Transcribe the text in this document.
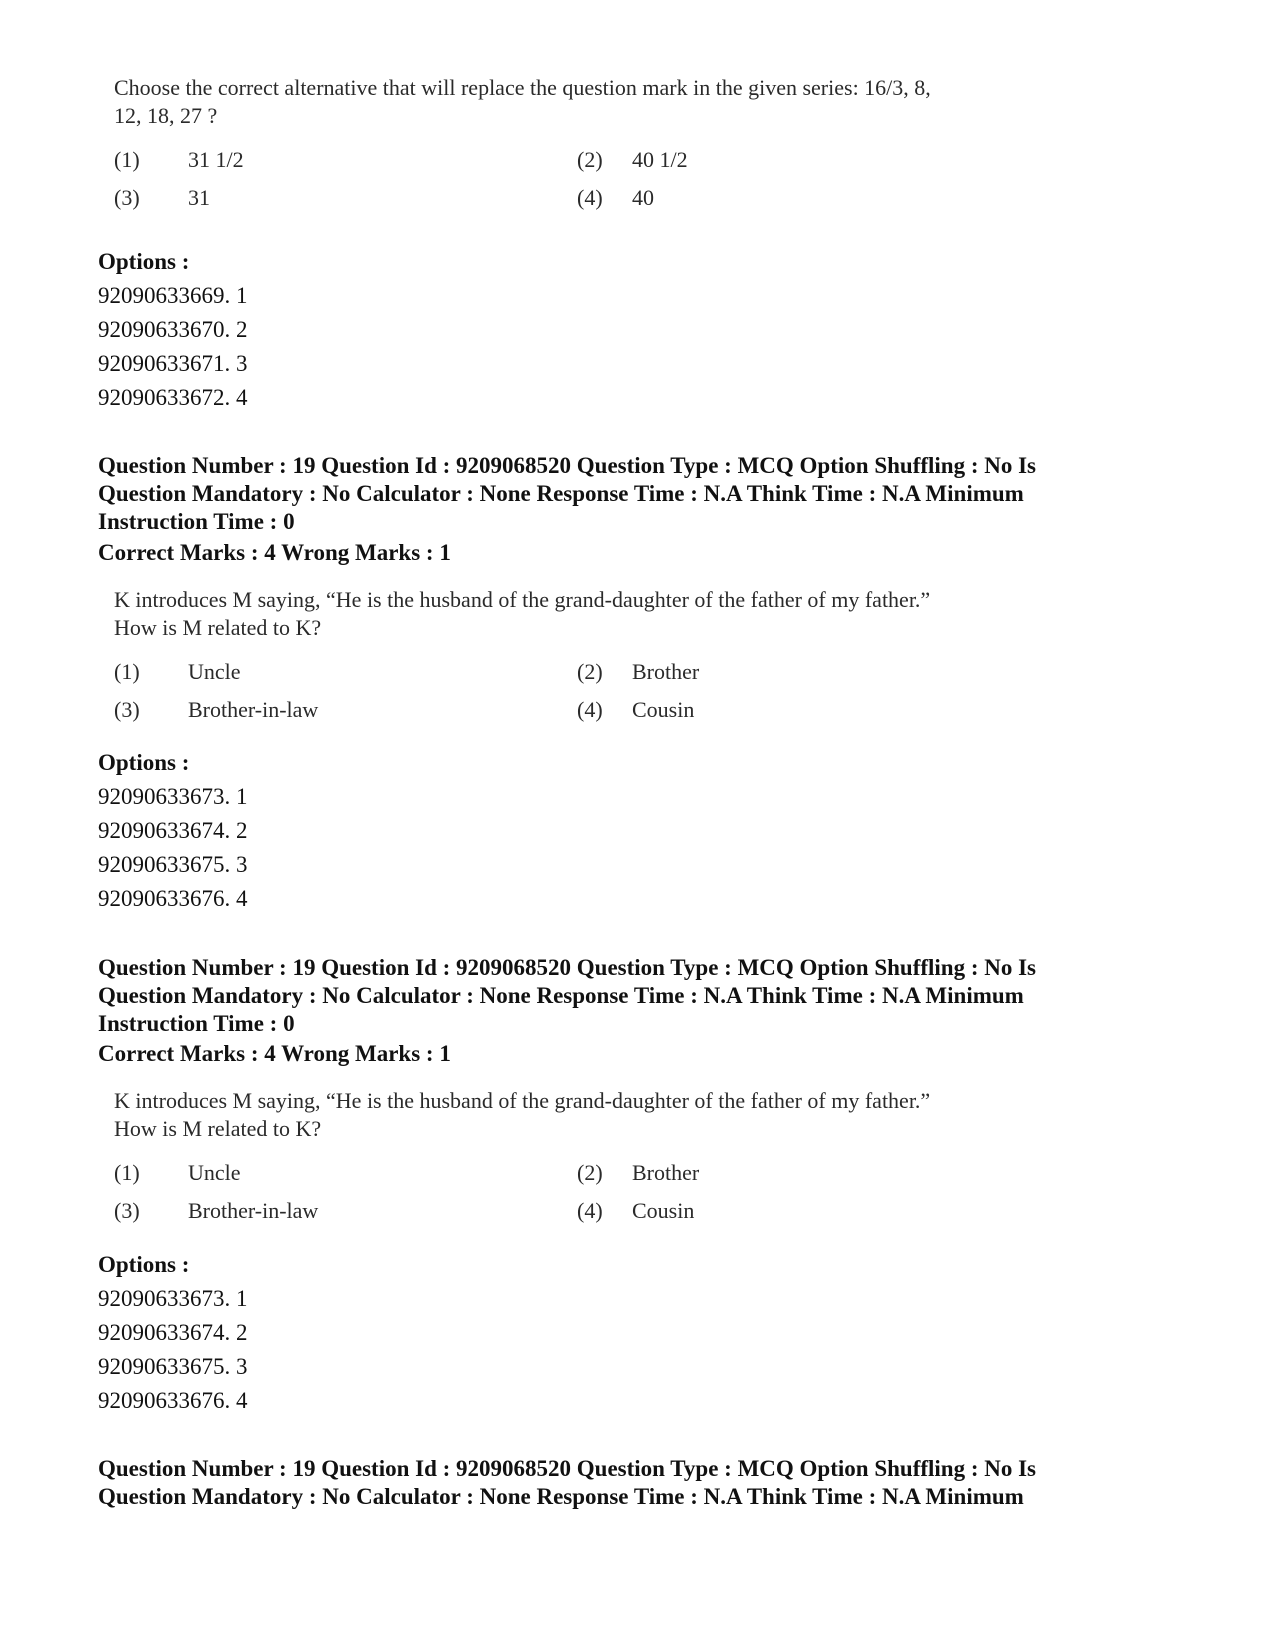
Choose the correct alternative that will replace the question mark in the given series: 16/3, 8,
12, 18, 27 ?

(1) 31 1/2	(2) 40 1/2
(3) 31	(4) 40
Options :
92090633669. 1
92090633670. 2
92090633671. 3
92090633672. 4
Question Number : 19 Question Id : 9209068520 Question Type : MCQ Option Shuffling : No Is
Question Mandatory : No Calculator : None Response Time : N.A Think Time : N.A Minimum
Instruction Time : 0
Correct Marks : 4 Wrong Marks : 1

K introduces M saying, “He is the husband of the grand-daughter of the father of my father.”
How is M related to K?

(1) Uncle	(2) Brother
(3) Brother-in-law	(4) Cousin
Options :
92090633673. 1
92090633674. 2
92090633675. 3
92090633676. 4
Question Number : 19 Question Id : 9209068520 Question Type : MCQ Option Shuffling : No Is
Question Mandatory : No Calculator : None Response Time : N.A Think Time : N.A Minimum
Instruction Time : 0
Correct Marks : 4 Wrong Marks : 1

K introduces M saying, “He is the husband of the grand-daughter of the father of my father.”
How is M related to K?

(1) Uncle	(2) Brother
(3) Brother-in-law	(4) Cousin
Options :
92090633673. 1
92090633674. 2
92090633675. 3
92090633676. 4
Question Number : 19 Question Id : 9209068520 Question Type : MCQ Option Shuffling : No Is
Question Mandatory : No Calculator : None Response Time : N.A Think Time : N.A Minimum
